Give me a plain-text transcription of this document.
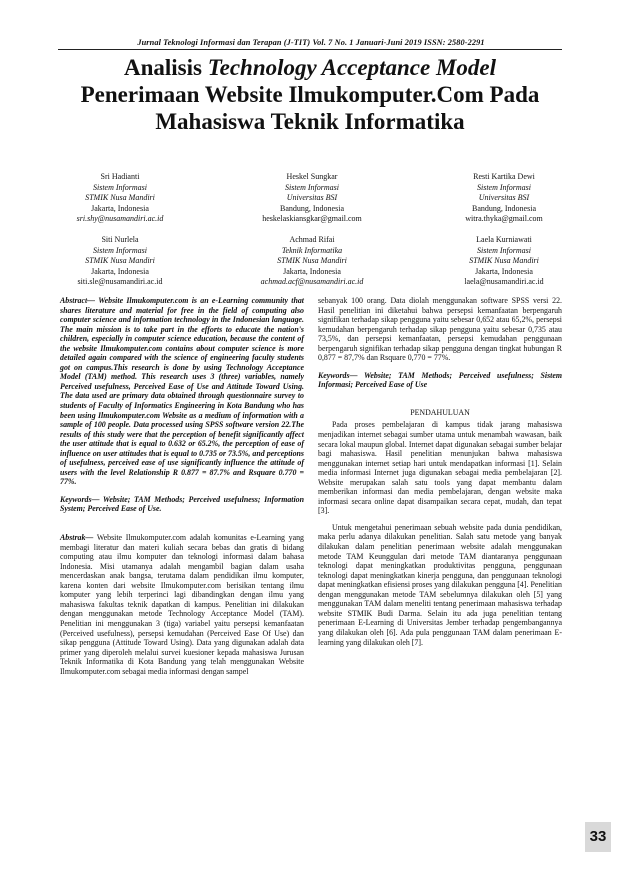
Jurnal Teknologi Informasi dan Terapan (J-TIT) Vol. 7 No. 1 Januari-Juni 2019 ISSN: 2580-2291
Analisis Technology Acceptance Model
Penerimaan Website Ilmukomputer.Com Pada
Mahasiswa Teknik Informatika
Sri Hadianti
Sistem Informasi
STMIK Nusa Mandiri
Jakarta, Indonesia
sri.shy@nusamandiri.ac.id
Heskel Sungkar
Sistem Informasi
Universitas BSI
Bandung, Indonesia
heskelaskiansgkar@gmail.com
Resti Kartika Dewi
Sistem Informasi
Universitas BSI
Bandung, Indonesia
witra.thyka@gmail.com
Siti Nurlela
Sistem Informasi
STMIK Nusa Mandiri
Jakarta, Indonesia
siti.sle@nusamandiri.ac.id
Achmad Rifai
Teknik Informatika
STMIK Nusa Mandiri
Jakarta, Indonesia
achmad.acf@nusamandiri.ac.id
Laela Kurniawati
Sistem Informasi
STMIK Nusa Mandiri
Jakarta, Indonesia
laela@nusamandiri.ac.id
Abstract— Website Ilmukomputer.com is an e-Learning community that shares literature and material for free in the field of computing also computer science and information technology in the Indonesian language. The main mission is to take part in the efforts to educate the nation's children, especially in computer science education, because the content of the website Ilmukomputer.com contains about computer science is more detailed again compared with the science of engineering faculty students got on campus.This research is done by using Technology Acceptance Model (TAM) method. This research uses 3 (three) variables, namely Perceived usefulness, Perceived Ease of Use and Attitude Toward Using. The data used are primary data obtained through questionnaire survey to students of Faculty of Informatics Engineering in Kota Bandung who has been using Ilmukomputer.com Website as a medium of information with a sample of 100 people. Data processed using SPSS software version 22.The results of this study were that the perception of benefit significantly affect the user attitude that is equal to 0.632 or 65.2%, the perception of ease of influence on user attitudes that is equal to 0.735 or 73.5%, and perceptions of usefulness, perceived ease of use significantly influence the attitude of users with the level Relationship R 0.877 = 87.7% and Rsquare 0.770 = 77%.
Keywords— Website; TAM Methods; Perceived usefulness; Information System; Perceived Ease of Use.
Abstrak— Website Ilmukomputer.com adalah komunitas e-Learning yang membagi literatur dan materi kuliah secara bebas dan gratis di bidang computing atau ilmu komputer dan teknologi informasi dalam bahasa Indonesia. Misi utamanya adalah mengambil bagian dalam usaha mencerdaskan anak bangsa, terutama dalam pendidikan ilmu komputer, karena konten dari website Ilmukomputer.com berisikan tentang ilmu komputer yang lebih terperinci lagi dibandingkan dengan ilmu yang mahasiswa fakultas teknik dapatkan di kampus. Penelitian ini dilakukan dengan menggunakan metode Technology Acceptance Model (TAM). Penelitian ini menggunakan 3 (tiga) variabel yaitu persepsi kemanfaatan (Perceived usefulness), persepsi kemudahan (Perceived Ease Of Use) dan sikap pengguna (Attitude Toward Using). Data yang digunakan adalah data primer yang diperoleh melalui survei kuesioner kepada mahasiswa Jurusan Teknik Informatika di Kota Bandung yang telah menggunakan Website Ilmukomputer.com sebagai media informasi dengan sampel
sebanyak 100 orang. Data diolah menggunakan software SPSS versi 22. Hasil penelitian ini diketahui bahwa persepsi kemanfaatan berpengaruh signifikan terhadap sikap pengguna yaitu sebesar 0,652 atau 65,2%, persepsi kemudahan berpengaruh terhadap sikap pengguna yaitu sebesar 0,735 atau 73,5%, dan persepsi kemanfaatan, persepsi kemudahan penggunaan berpengaruh signifikan terhadap sikap pengguna dengan tingkat hubungan R 0,877 = 87,7% dan Rsquare 0,770 = 77%.
Keywords— Website; TAM Methods; Perceived usefulness; Sistem Informasi; Perceived Ease of Use
PENDAHULUAN
Pada proses pembelajaran di kampus tidak jarang mahasiswa menjadikan internet sebagai sumber utama untuk menambah wawasan, baik secara lokal maupun global. Internet dapat digunakan sebagai sumber belajar bagi mahasiswa. Hasil penelitian menunjukan bahwa mahasiswa menggunakan internet setiap hari untuk mendapatkan informasi [1]. Selain media informasi Internet juga digunakan sebagai media pembelajaran [2]. Website merupakan salah satu tools yang dapat membantu dalam memberikan informasi dan media pembelajaran, dengan website maka informasi secara online dapat disampaikan secara cepat, mudah, dan tepat [3].
Untuk mengetahui penerimaan sebuah website pada dunia pendidikan, maka perlu adanya dilakukan penelitian. Salah satu metode yang banyak dilakukan dalam penelitian penerimaan website adalah menggunakan metode TAM Keunggulan dari metode TAM diantaranya penggunaan teknologi dapat meningkatkan produktivitas pengguna, penggunaan teknologi dapat meningkatkan kinerja pengguna, dan penggunaan teknologi dapat meningkatkan efisiensi proses yang dilakukan pengguna [4]. Penelitian dengan menggunakan metode TAM sebelumnya dilakukan oleh [5] yang menggunakan TAM dalam meneliti tentang penerimaan mahasiswa terhadap website STMIK Budi Darma. Selain itu ada juga penelitian tentang penerimaan E-Learning di Universitas Jember terhadap pengembangannya yang dilakukan oleh [6]. Ada pula penggunaan TAM dalam penerimaan E-learning yang dilakukan oleh [7].
33
